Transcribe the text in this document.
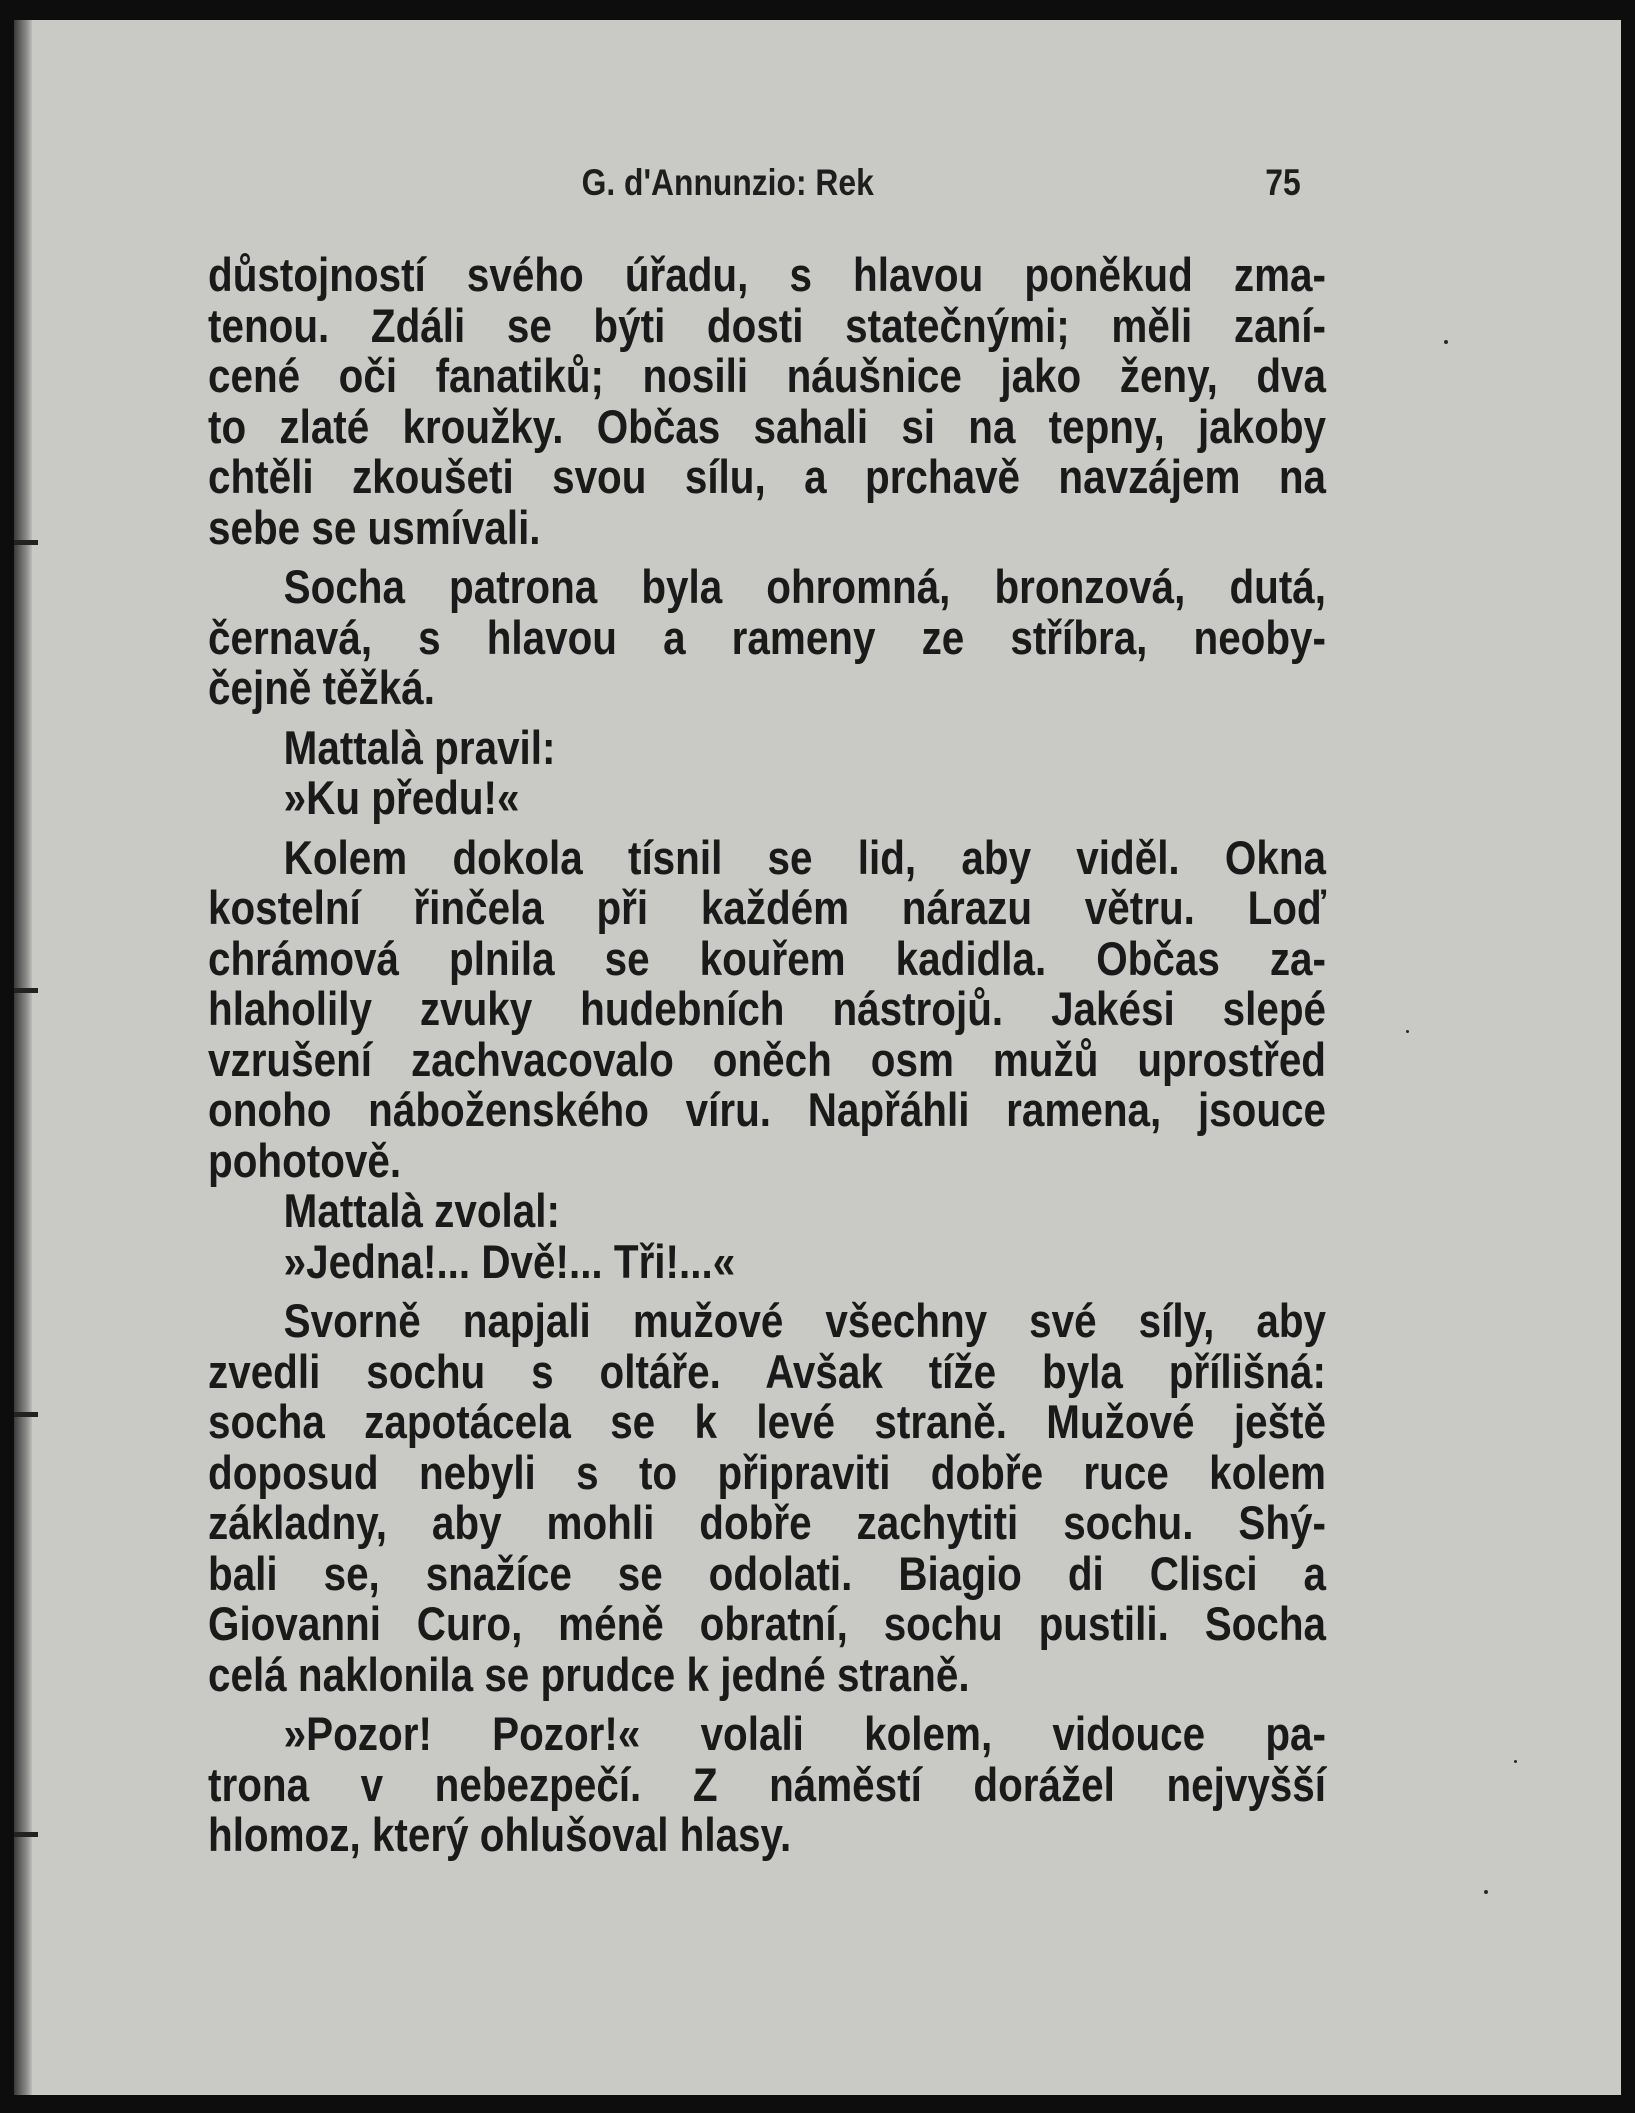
G. d'Annunzio: Rek	75
důstojností svého úřadu, s hlavou poněkud zma-
tenou. Zdáli se býti dosti statečnými; měli zaní-
cené oči fanatiků; nosili náušnice jako ženy, dva
to zlaté kroužky. Občas sahali si na tepny, jakoby
chtěli zkoušeti svou sílu, a prchavě navzájem na
sebe se usmívali.
Socha patrona byla ohromná, bronzová, dutá,
černavá, s hlavou a rameny ze stříbra, neoby-
čejně těžká.
Mattalà pravil:
»Ku předu!«
Kolem dokola tísnil se lid, aby viděl. Okna
kostelní řinčela při každém nárazu větru. Loď
chrámová plnila se kouřem kadidla. Občas za-
hlaholily zvuky hudebních nástrojů. Jakési slepé
vzrušení zachvacovalo oněch osm mužů uprostřed
onoho náboženského víru. Napřáhli ramena, jsouce
pohotově.
Mattalà zvolal:
»Jedna!... Dvě!... Tři!...«
Svorně napjali mužové všechny své síly, aby
zvedli sochu s oltáře. Avšak tíže byla přílišná:
socha zapotácela se k levé straně. Mužové ještě
doposud nebyli s to připraviti dobře ruce kolem
základny, aby mohli dobře zachytiti sochu. Shý-
bali se, snažíce se odolati. Biagio di Clisci a
Giovanni Curo, méně obratní, sochu pustili. Socha
celá naklonila se prudce k jedné straně.
»Pozor! Pozor!« volali kolem, vidouce pa-
trona v nebezpečí. Z náměstí dorážel nejvyšší
hlomoz, který ohlušoval hlasy.
